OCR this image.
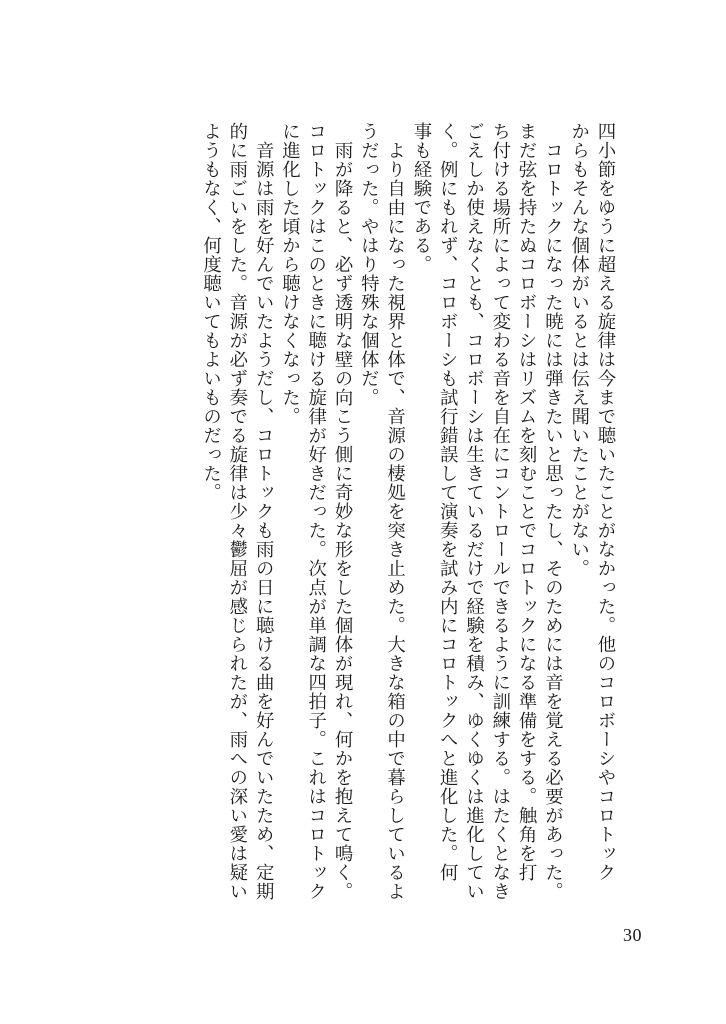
四小節をゆうに超える旋律は今まで聴いたことがなかった。他のコロボーシやコロトック
からもそんな個体がいるとは伝え聞いたことがない。
　コロトックになった暁には弾きたいと思ったし、そのためには音を覚える必要があった。
まだ弦を持たぬコロボーシはリズムを刻むことでコロトックになる準備をする。触角を打
ち付ける場所によって変わる音を自在にコントロールできるように訓練する。はたくとなき
ごえしか使えなくとも、コロボーシは生きているだけで経験を積み、ゆくゆくは進化してい
く。例にもれず、コロボーシも試行錯誤して演奏を試み内にコロトックへと進化した。何
事も経験である。
　より自由になった視界と体で、音源の棲処を突き止めた。大きな箱の中で暮らしているよ
うだった。やはり特殊な個体だ。
　雨が降ると、必ず透明な壁の向こう側に奇妙な形をした個体が現れ、何かを抱えて鳴く。
コロトックはこのときに聴ける旋律が好きだった。次点が単調な四拍子。これはコロトック
に進化した頃から聴けなくなった。
　音源は雨を好んでいたようだし、コロトックも雨の日に聴ける曲を好んでいたため、定期
的に雨ごいをした。音源が必ず奏でる旋律は少々鬱屈が感じられたが、雨への深い愛は疑い
ようもなく、何度聴いてもよいものだった。
30
